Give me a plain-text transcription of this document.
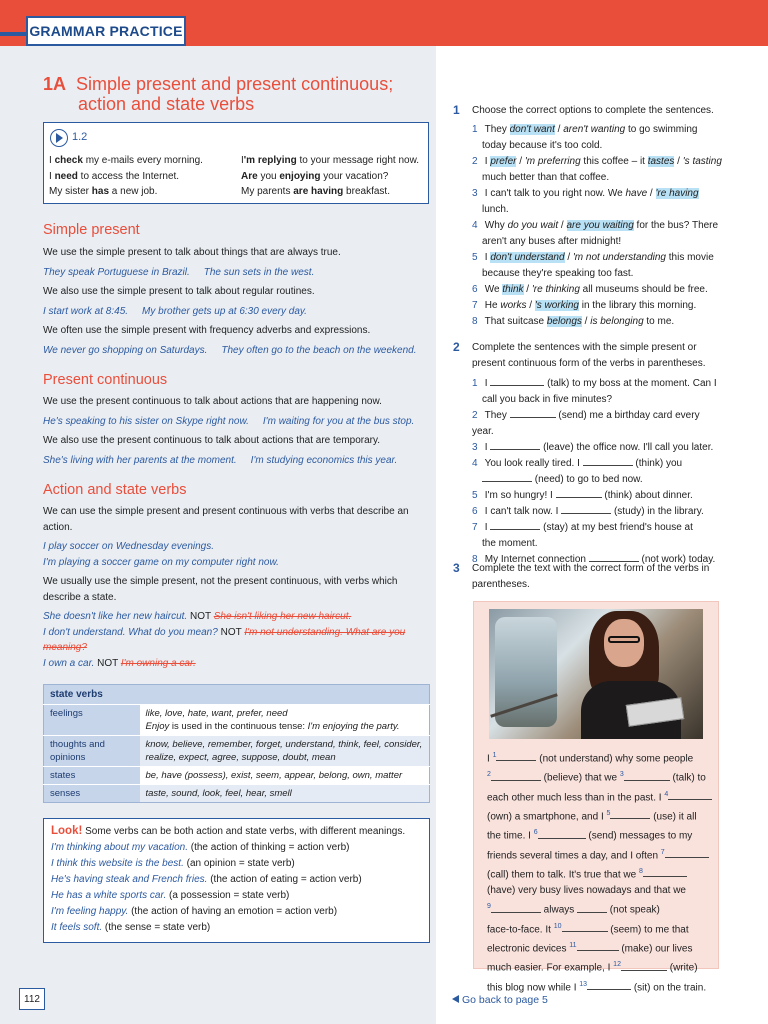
GRAMMAR PRACTICE
1A Simple present and present continuous;
action and state verbs
1.2
I check my e-mails every morning.
I need to access the Internet.
My sister has a new job.
I'm replying to your message right now.
Are you enjoying your vacation?
My parents are having breakfast.
Simple present
We use the simple present to talk about things that are always true.
They speak Portuguese in Brazil. The sun sets in the west.
We also use the simple present to talk about regular routines.
I start work at 8:45. My brother gets up at 6:30 every day.
We often use the simple present with frequency adverbs and expressions.
We never go shopping on Saturdays. They often go to the beach on the weekend.
Present continuous
We use the present continuous to talk about actions that are happening now.
He's speaking to his sister on Skype right now. I'm waiting for you at the bus stop.
We also use the present continuous to talk about actions that are temporary.
She's living with her parents at the moment. I'm studying economics this year.
Action and state verbs
We can use the simple present and present continuous with verbs that describe an action.
I play soccer on Wednesday evenings.
I'm playing a soccer game on my computer right now.
We usually use the simple present, not the present continuous, with verbs which describe a state.
She doesn't like her new haircut. NOT She isn't liking her new haircut.
I don't understand. What do you mean? NOT I'm not understanding. What are you meaning?
I own a car. NOT I'm owning a car.
state verbs	
feelings	like, love, hate, want, prefer, need
Enjoy is used in the continuous tense: I'm enjoying the party.

thoughts and opinions	know, believe, remember, forget, understand, think, feel, consider, realize, expect, agree, suppose, doubt, mean
states	be, have (possess), exist, seem, appear, belong, own, matter
senses	taste, sound, look, feel, hear, smell
Look! Some verbs can be both action and state verbs, with different meanings.
I'm thinking about my vacation. (the action of thinking = action verb)
I think this website is the best. (an opinion = state verb)
He's having steak and French fries. (the action of eating = action verb)
He has a white sports car. (a possession = state verb)
I'm feeling happy. (the action of having an emotion = action verb)
It feels soft. (the sense = state verb)
112
1 Choose the correct options to complete the sentences.
1 They don't want / aren't wanting to go swimming
today because it's too cold.
2 I prefer / 'm preferring this coffee – it tastes / 's tasting
much better than that coffee.
3 I can't talk to you right now. We have / 're having
lunch.
4 Why do you wait / are you waiting for the bus? There
aren't any buses after midnight!
5 I don't understand / 'm not understanding this movie
because they're speaking too fast.
6 We think / 're thinking all museums should be free.
7 He works / 's working in the library this morning.
8 That suitcase belongs / is belonging to me.
2 Complete the sentences with the simple present or present continuous form of the verbs in parentheses.
1 I	(talk) to my boss at the moment. Can I
call you back in five minutes?
2 They	(send) me a birthday card every year.
3 I	(leave) the office now. I'll call you later.
4 You look really tired. I	(think) you
(need) to go to bed now.
5 I'm so hungry! I	(think) about dinner.
6 I can't talk now. I	(study) in the library.
7 I	(stay) at my best friend's house at
the moment.
8 My Internet connection	(not work) today.
3 Complete the text with the correct form of the verbs in parentheses.
I $^1$	(not understand) why some people
$^2$	(believe) that we $^3$	(talk) to
each other much less than in the past. I $^4$
(own) a smartphone, and I $^5$	(use) it all
the time. I $^6$	(send) messages to my
friends several times a day, and I often $^7$
(call) them to talk. It's true that we $^8$
(have) very busy lives nowadays and that we
$^9$	always	(not speak)
face-to-face. It $^{10}$	(seem) to me that
electronic devices $^{11}$	(make) our lives
much easier. For example, I $^{12}$	(write)
this blog now while I $^{13}$	(sit) on the train.
Go back to page 5
